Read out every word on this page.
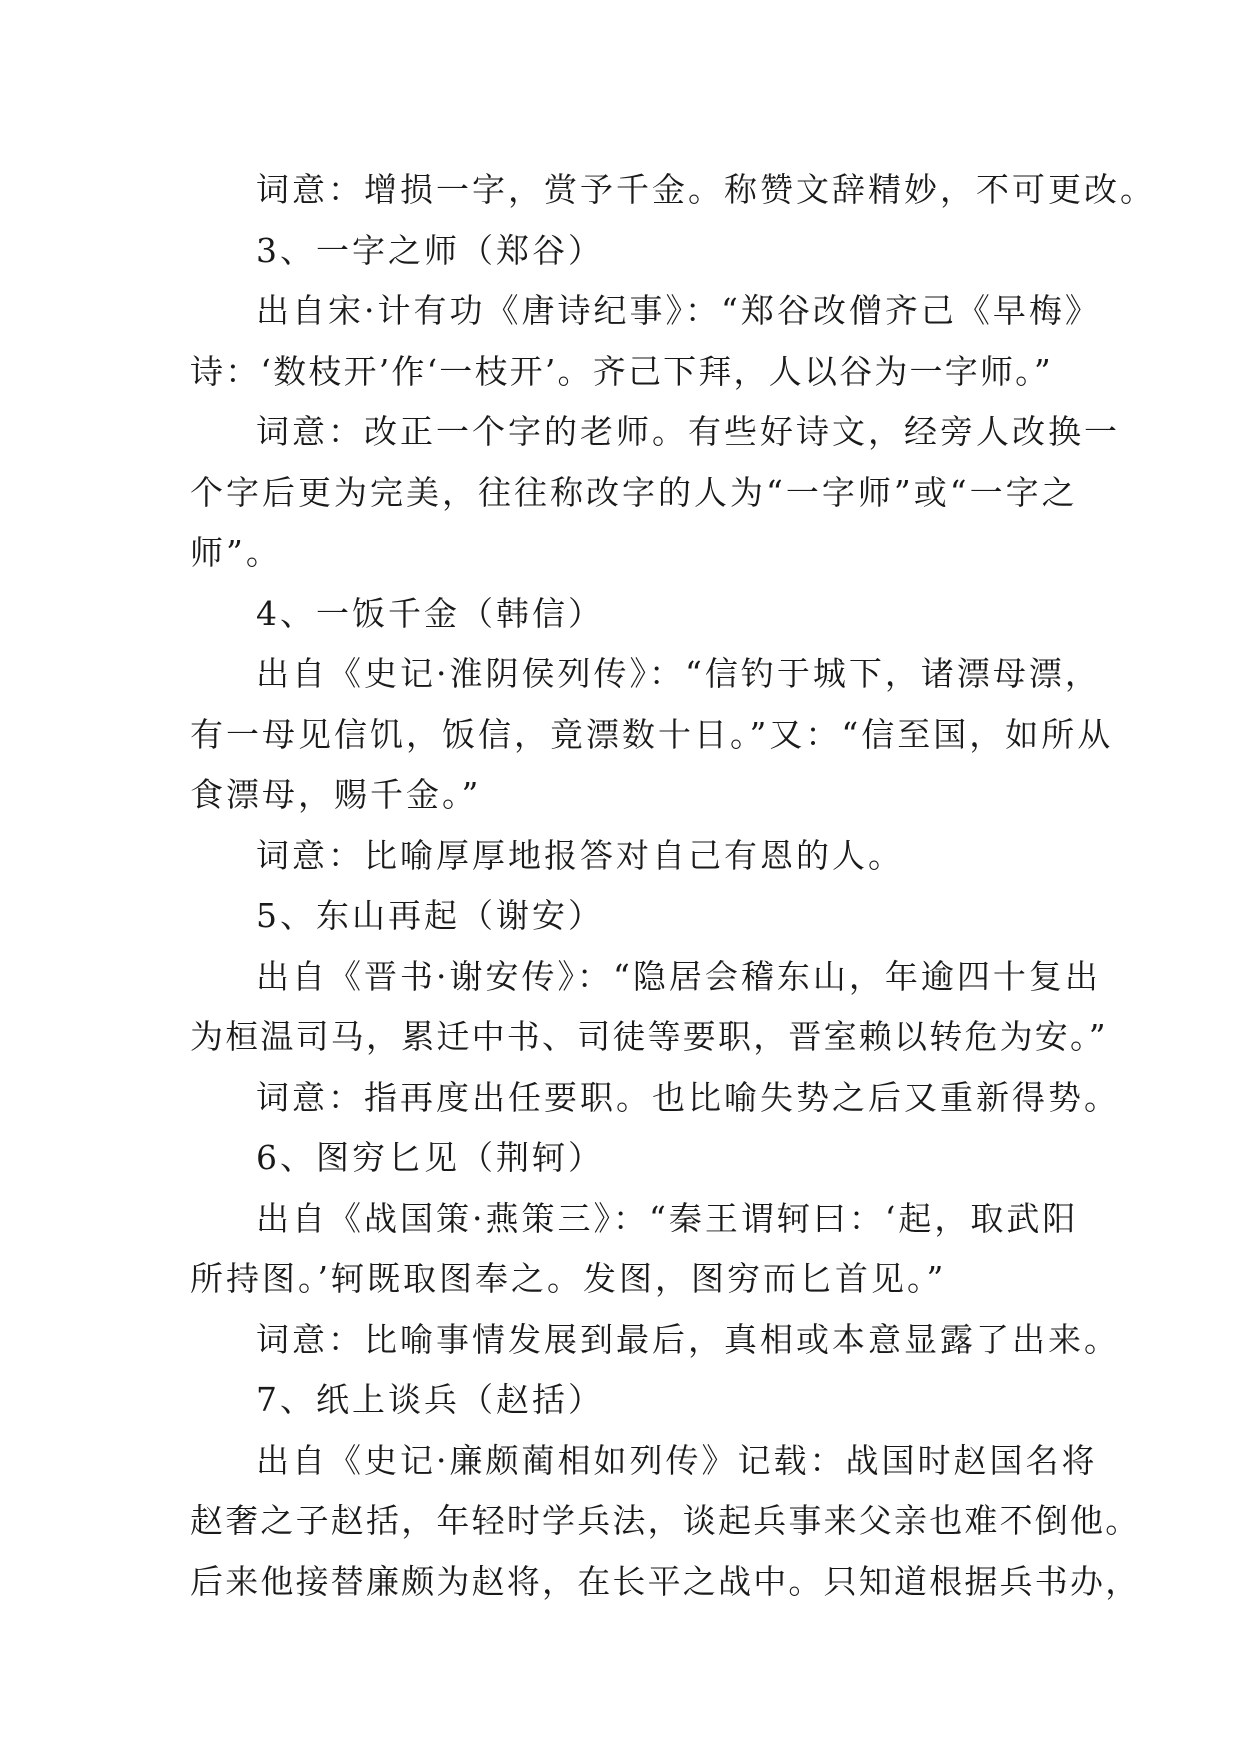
词意：增损一字，赏予千金。称赞文辞精妙，不可更改。
3、一字之师（郑谷）
出自宋·计有功《唐诗纪事》：“郑谷改僧齐己《早梅》
诗：‘数枝开’作‘一枝开’。齐己下拜，人以谷为一字师。”
词意：改正一个字的老师。有些好诗文，经旁人改换一
个字后更为完美，往往称改字的人为“一字师”或“一字之
师”。
4、一饭千金（韩信）
出自《史记·淮阴侯列传》：“信钓于城下，诸漂母漂，
有一母见信饥，饭信，竟漂数十日。”又：“信至国，如所从
食漂母，赐千金。”
词意：比喻厚厚地报答对自己有恩的人。
5、东山再起（谢安）
出自《晋书·谢安传》：“隐居会稽东山，年逾四十复出
为桓温司马，累迁中书、司徒等要职，晋室赖以转危为安。”
词意：指再度出任要职。也比喻失势之后又重新得势。
6、图穷匕见（荆轲）
出自《战国策·燕策三》：“秦王谓轲曰：‘起，取武阳
所持图。’轲既取图奉之。发图，图穷而匕首见。”
词意：比喻事情发展到最后，真相或本意显露了出来。
7、纸上谈兵（赵括）
出自《史记·廉颇蔺相如列传》记载：战国时赵国名将
赵奢之子赵括，年轻时学兵法，谈起兵事来父亲也难不倒他。
后来他接替廉颇为赵将，在长平之战中。只知道根据兵书办，
